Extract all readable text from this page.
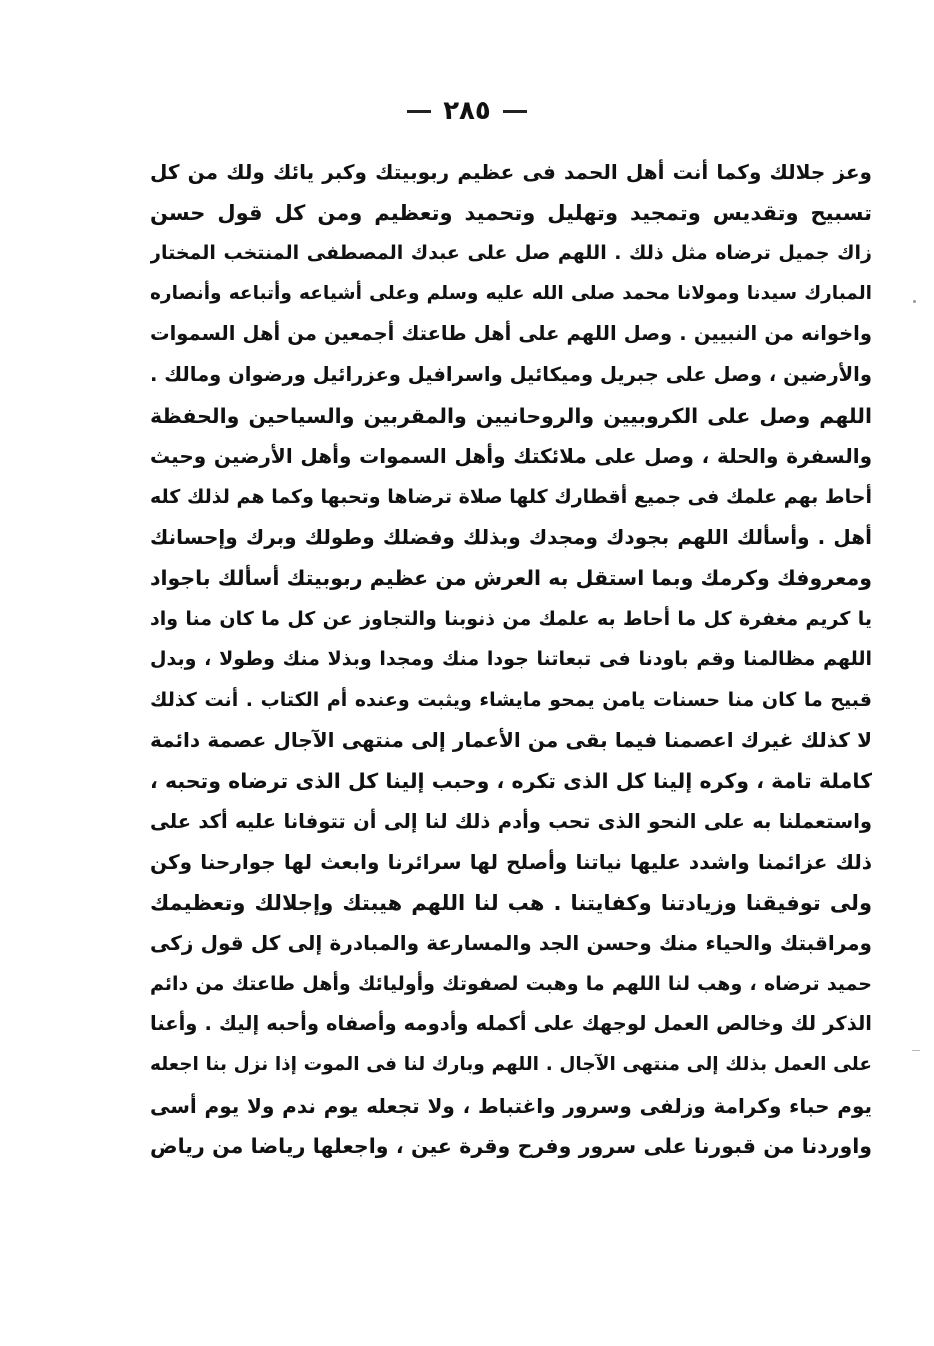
٢٨٥
وعز جلالك وكما أنت أهل الحمد فى عظيم ربوبيتك وكبر يائك ولك من كل
تسبيح وتقديس وتمجيد وتهليل وتحميد وتعظيم ومن كل قول حسن
زاك جميل ترضاه مثل ذلك . اللهم صل على عبدك المصطفى المنتخب المختار
المبارك سيدنا ومولانا محمد صلى الله عليه وسلم وعلى أشياعه وأتباعه وأنصاره
واخوانه من النبيين . وصل اللهم على أهل طاعتك أجمعين من أهل السموات
والأرضين ، وصل على جبريل وميكائيل واسرافيل وعزرائيل ورضوان ومالك .
اللهم وصل على الكروبيين والروحانيين والمقربين والسياحين والحفظة
والسفرة والحلة ، وصل على ملائكتك وأهل السموات وأهل الأرضين وحيث
أحاط بهم علمك فى جميع أقطارك كلها صلاة ترضاها وتحبها وكما هم لذلك كله
أهل . وأسألك اللهم بجودك ومجدك وبذلك وفضلك وطولك وبرك وإحسانك
ومعروفك وكرمك وبما استقل به العرش من عظيم ربوبيتك أسألك باجواد
يا كريم مغفرة كل ما أحاط به علمك من ذنوبنا والتجاوز عن كل ما كان منا واد
اللهم مظالمنا وقم باودنا فى تبعاتنا جودا منك ومجدا وبذلا منك وطولا ، وبدل
قبيح ما كان منا حسنات يامن يمحو مايشاء ويثبت وعنده أم الكتاب . أنت كذلك
لا كذلك غيرك اعصمنا فيما بقى من الأعمار إلى منتهى الآجال عصمة دائمة
كاملة تامة ، وكره إلينا كل الذى تكره ، وحبب إلينا كل الذى ترضاه وتحبه ،
واستعملنا به على النحو الذى تحب وأدم ذلك لنا إلى أن تتوفانا عليه أكد على
ذلك عزائمنا واشدد عليها نياتنا وأصلح لها سرائرنا وابعث لها جوارحنا وكن
ولى توفيقنا وزيادتنا وكفايتنا . هب لنا اللهم هيبتك وإجلالك وتعظيمك
ومراقبتك والحياء منك وحسن الجد والمسارعة والمبادرة إلى كل قول زكى
حميد ترضاه ، وهب لنا اللهم ما وهبت لصفوتك وأوليائك وأهل طاعتك من دائم
الذكر لك وخالص العمل لوجهك على أكمله وأدومه وأصفاه وأحبه إليك . وأعنا
على العمل بذلك إلى منتهى الآجال . اللهم وبارك لنا فى الموت إذا نزل بنا اجعله
يوم حباء وكرامة وزلفى وسرور واغتباط ، ولا تجعله يوم ندم ولا يوم أسى
واوردنا من قبورنا على سرور وفرح وقرة عين ، واجعلها رياضا من رياض
